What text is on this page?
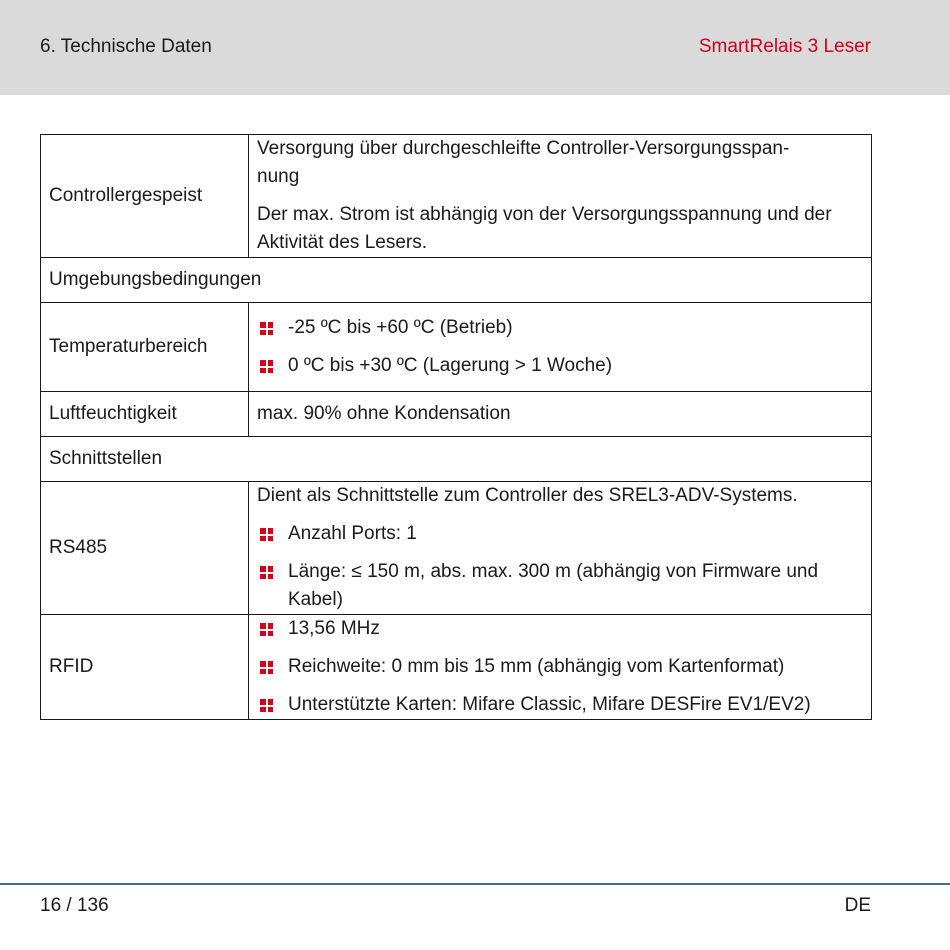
6. Technische Daten	SmartRelais 3 Leser
Controllergespeist	Versorgung über durchgeschleifte Controller-Versorgungsspan-
nung

Der max. Strom ist abhängig von der Versorgungsspannung und der Aktivität des Lesers.

Umgebungsbedingungen	
Temperaturbereich	-25 ºC bis +60 ºC (Betrieb)

0 ºC bis +30 ºC (Lagerung > 1 Woche)

Luftfeuchtigkeit	max. 90% ohne Kondensation
Schnittstellen	
RS485	Dient als Schnittstelle zum Controller des SREL3-ADV-Systems.

Anzahl Ports: 1

Länge: ≤ 150 m, abs. max. 300 m (abhängig von Firmware und Kabel)

RFID	13,56 MHz

Reichweite: 0 mm bis 15 mm (abhängig vom Kartenformat)

Unterstützte Karten: Mifare Classic, Mifare DESFire EV1/EV2)

16 / 136	DE
